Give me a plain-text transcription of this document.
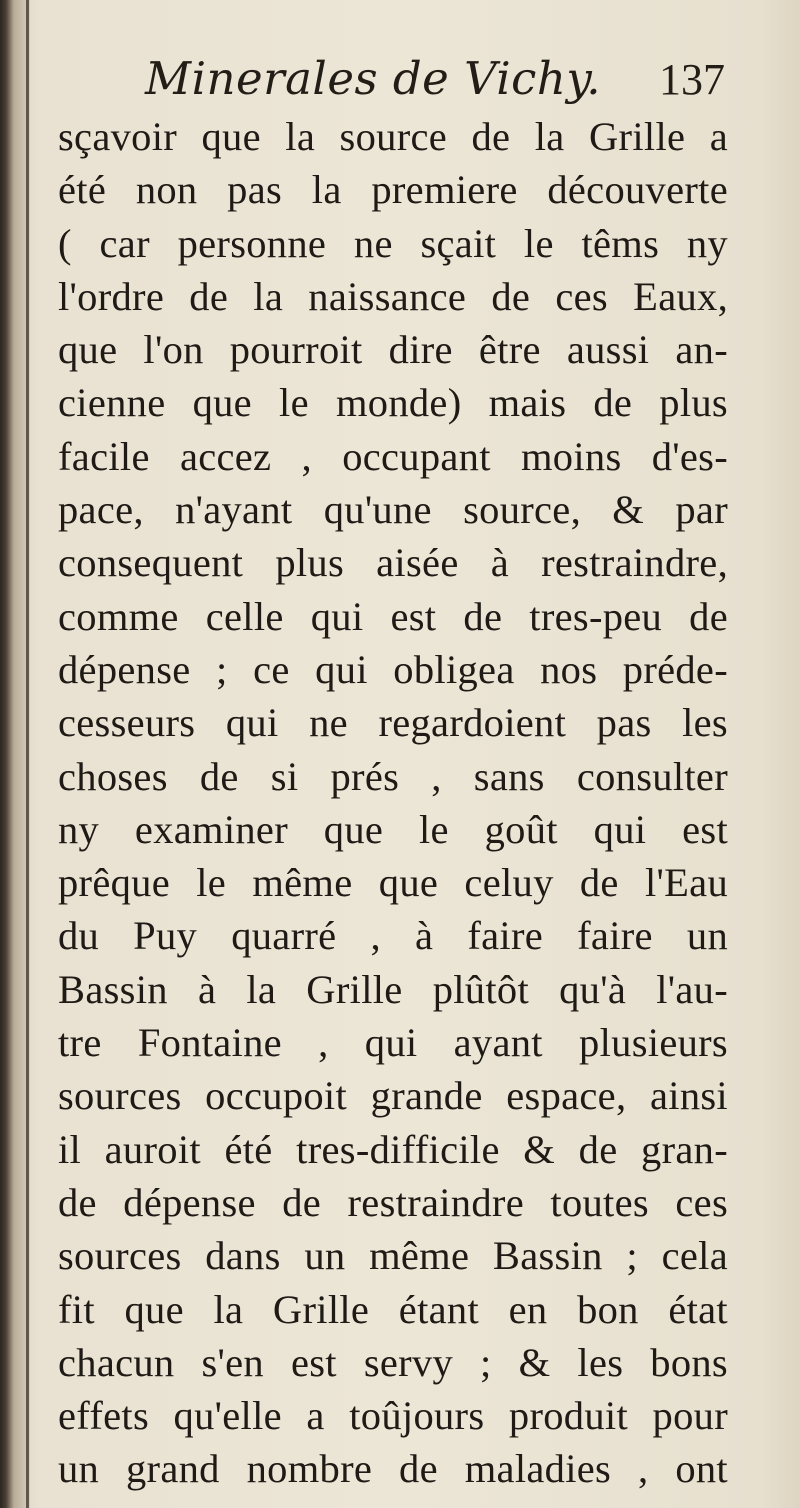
Minerales de Vichy. 137
sçavoir que la source de la Grille a
été non pas la premiere découverte
( car personne ne sçait le têms ny
l'ordre de la naissance de ces Eaux,
que l'on pourroit dire être aussi an-
cienne que le monde) mais de plus
facile accez , occupant moins d'es-
pace, n'ayant qu'une source, & par
consequent plus aisée à restraindre,
comme celle qui est de tres-peu de
dépense ; ce qui obligea nos préde-
cesseurs qui ne regardoient pas les
choses de si prés , sans consulter
ny examiner que le goût qui est
prêque le même que celuy de l'Eau
du Puy quarré , à faire faire un
Bassin à la Grille plûtôt qu'à l'au-
tre Fontaine , qui ayant plusieurs
sources occupoit grande espace, ainsi
il auroit été tres-difficile & de gran-
de dépense de restraindre toutes ces
sources dans un même Bassin ; cela
fit que la Grille étant en bon état
chacun s'en est servy ; & les bons
effets qu'elle a toûjours produit pour
un grand nombre de maladies , ont
